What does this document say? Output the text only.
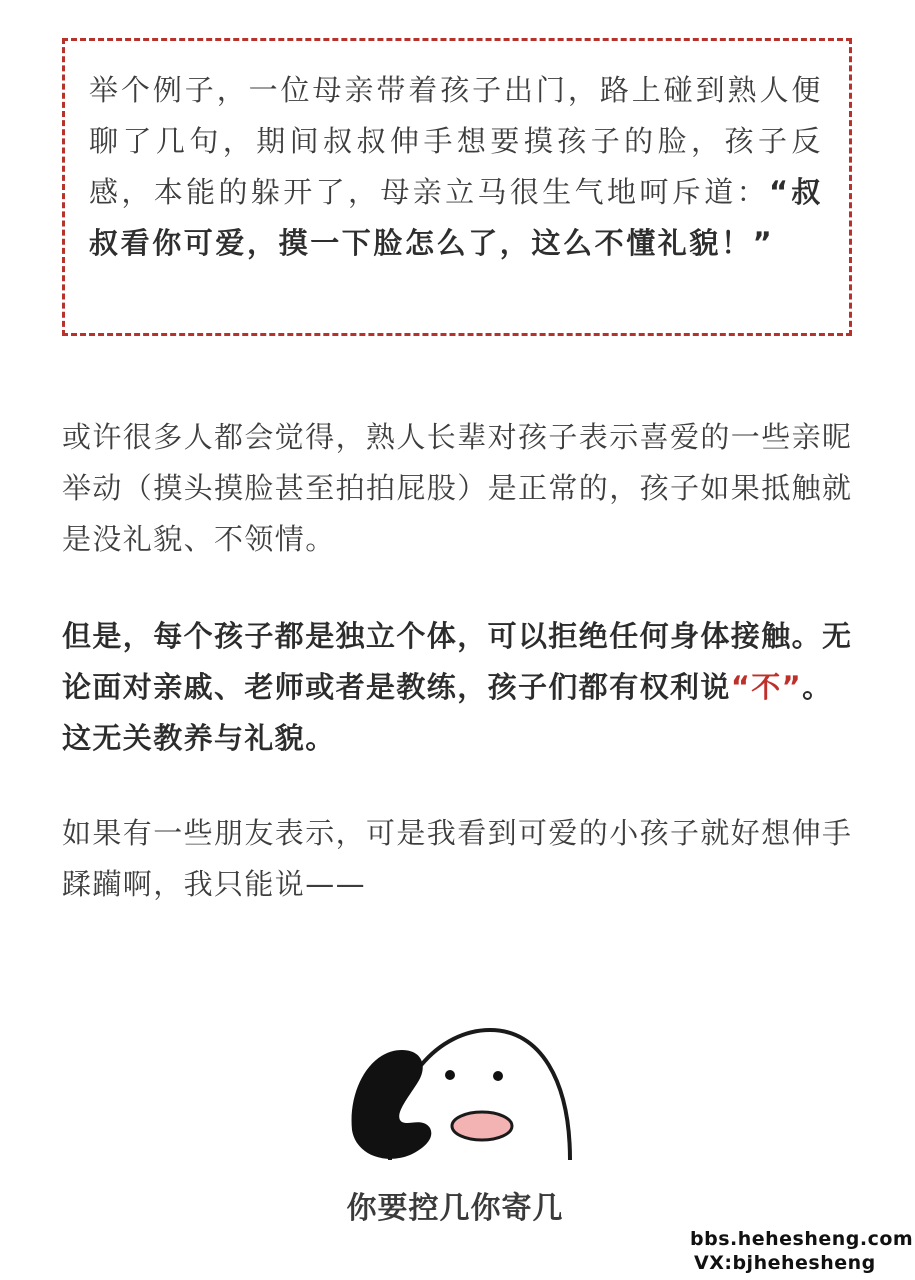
举个例子，一位母亲带着孩子出门，路上碰到熟人便聊了几句，期间叔叔伸手想要摸孩子的脸，孩子反感，本能的躲开了，母亲立马很生气地呵斥道：“叔叔看你可爱，摸一下脸怎么了，这么不懂礼貌！”
或许很多人都会觉得，熟人长辈对孩子表示喜爱的一些亲昵举动（摸头摸脸甚至拍拍屁股）是正常的，孩子如果抵触就是没礼貌、不领情。
但是，每个孩子都是独立个体，可以拒绝任何身体接触。无论面对亲戚、老师或者是教练，孩子们都有权利说“不”。这无关教养与礼貌。
如果有一些朋友表示，可是我看到可爱的小孩子就好想伸手蹂躏啊，我只能说——
你要控几你寄几
bbs.hehesheng.com
VX:bjhehesheng
